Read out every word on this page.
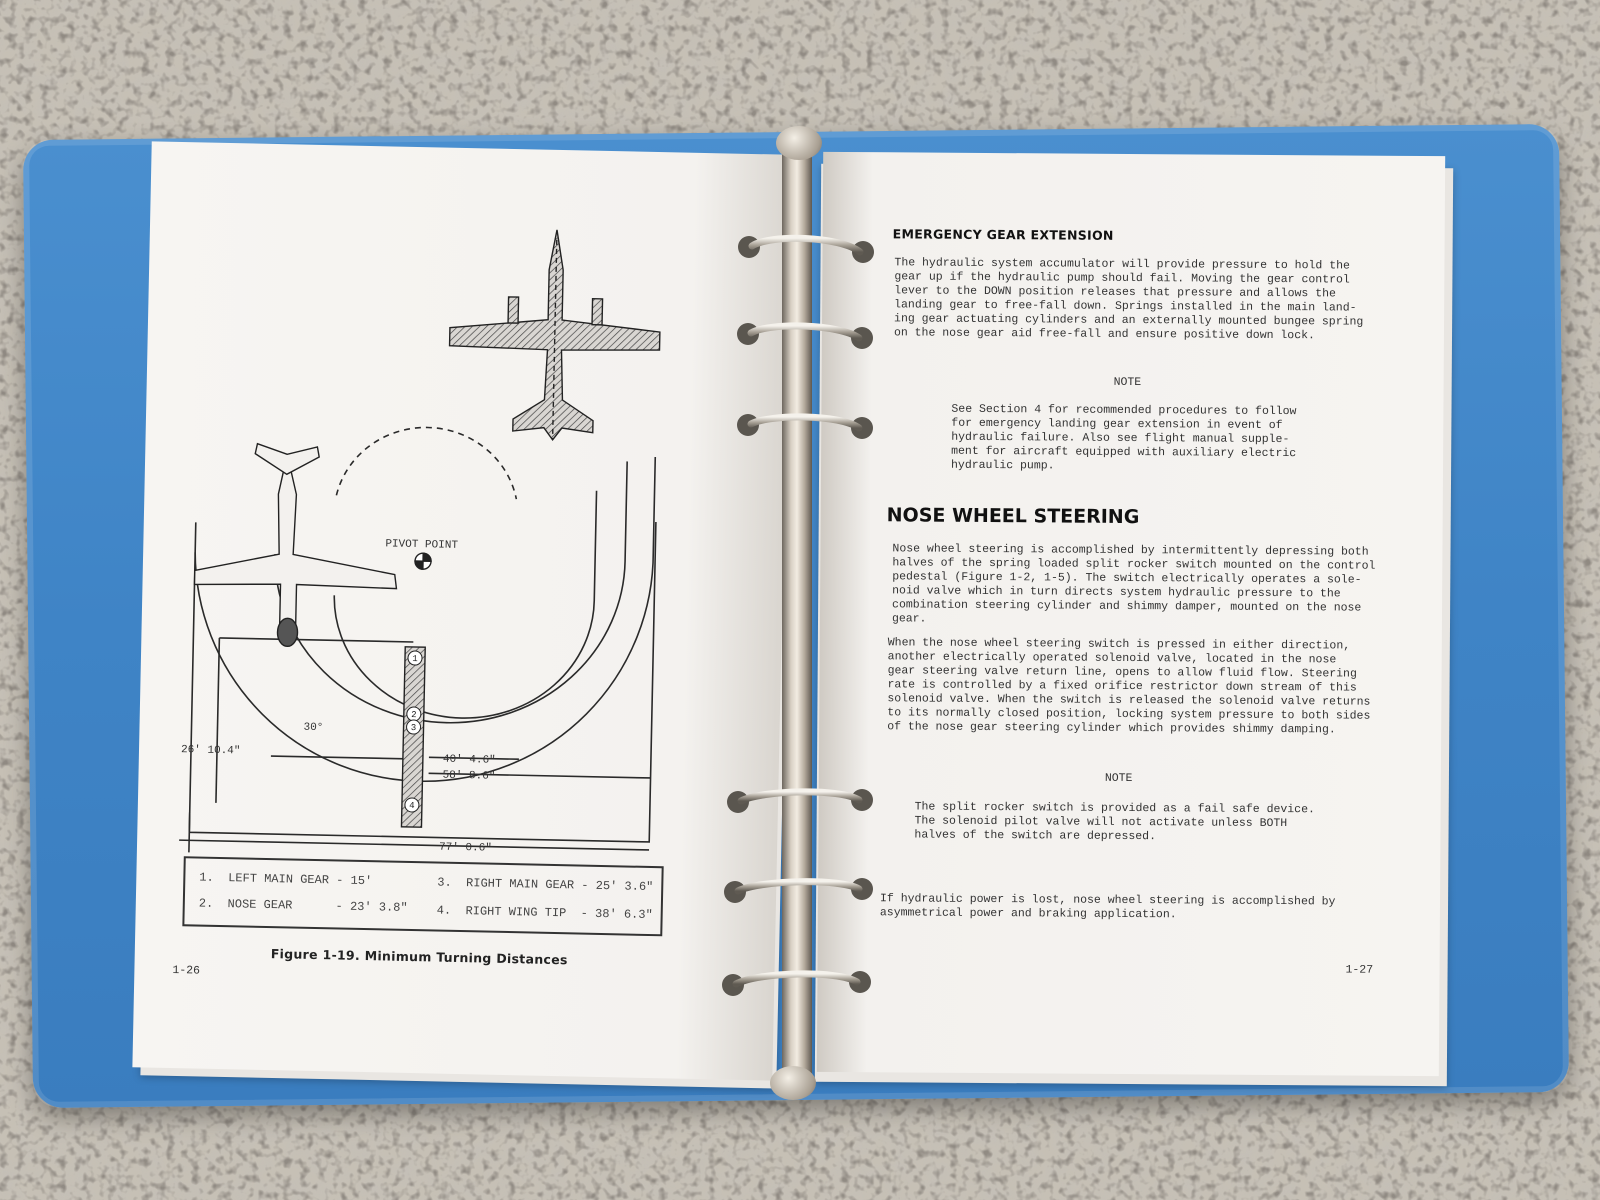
PIVOT POINT
1
2
3
4
30°
40' 4.6"
58' 8.6"
26' 10.4"
77' 0.6"
1.  LEFT MAIN GEAR - 15'
2.  NOSE GEAR      - 23' 3.8"
3.  RIGHT MAIN GEAR - 25' 3.6"
4.  RIGHT WING TIP  - 38' 6.3"
Figure 1-19. Minimum Turning Distances
1-26
EMERGENCY GEAR EXTENSION
The hydraulic system accumulator will provide pressure to hold the
gear up if the hydraulic pump should fail. Moving the gear control
lever to the DOWN position releases that pressure and allows the
landing gear to free-fall down. Springs installed in the main land-
ing gear actuating cylinders and an externally mounted bungee spring
on the nose gear aid free-fall and ensure positive down lock.
NOTE
See Section 4 for recommended procedures to follow
for emergency landing gear extension in event of
hydraulic failure. Also see flight manual supple-
ment for aircraft equipped with auxiliary electric
hydraulic pump.
NOSE WHEEL STEERING
Nose wheel steering is accomplished by intermittently depressing both
halves of the spring loaded split rocker switch mounted on the control
pedestal (Figure 1-2, 1-5). The switch electrically operates a sole-
noid valve which in turn directs system hydraulic pressure to the
combination steering cylinder and shimmy damper, mounted on the nose
gear.
When the nose wheel steering switch is pressed in either direction,
another electrically operated solenoid valve, located in the nose
gear steering valve return line, opens to allow fluid flow. Steering
rate is controlled by a fixed orifice restrictor down stream of this
solenoid valve. When the switch is released the solenoid valve returns
to its normally closed position, locking system pressure to both sides
of the nose gear steering cylinder which provides shimmy damping.
NOTE
The split rocker switch is provided as a fail safe device.
The solenoid pilot valve will not activate unless BOTH
halves of the switch are depressed.
If hydraulic power is lost, nose wheel steering is accomplished by
asymmetrical power and braking application.
1-27
